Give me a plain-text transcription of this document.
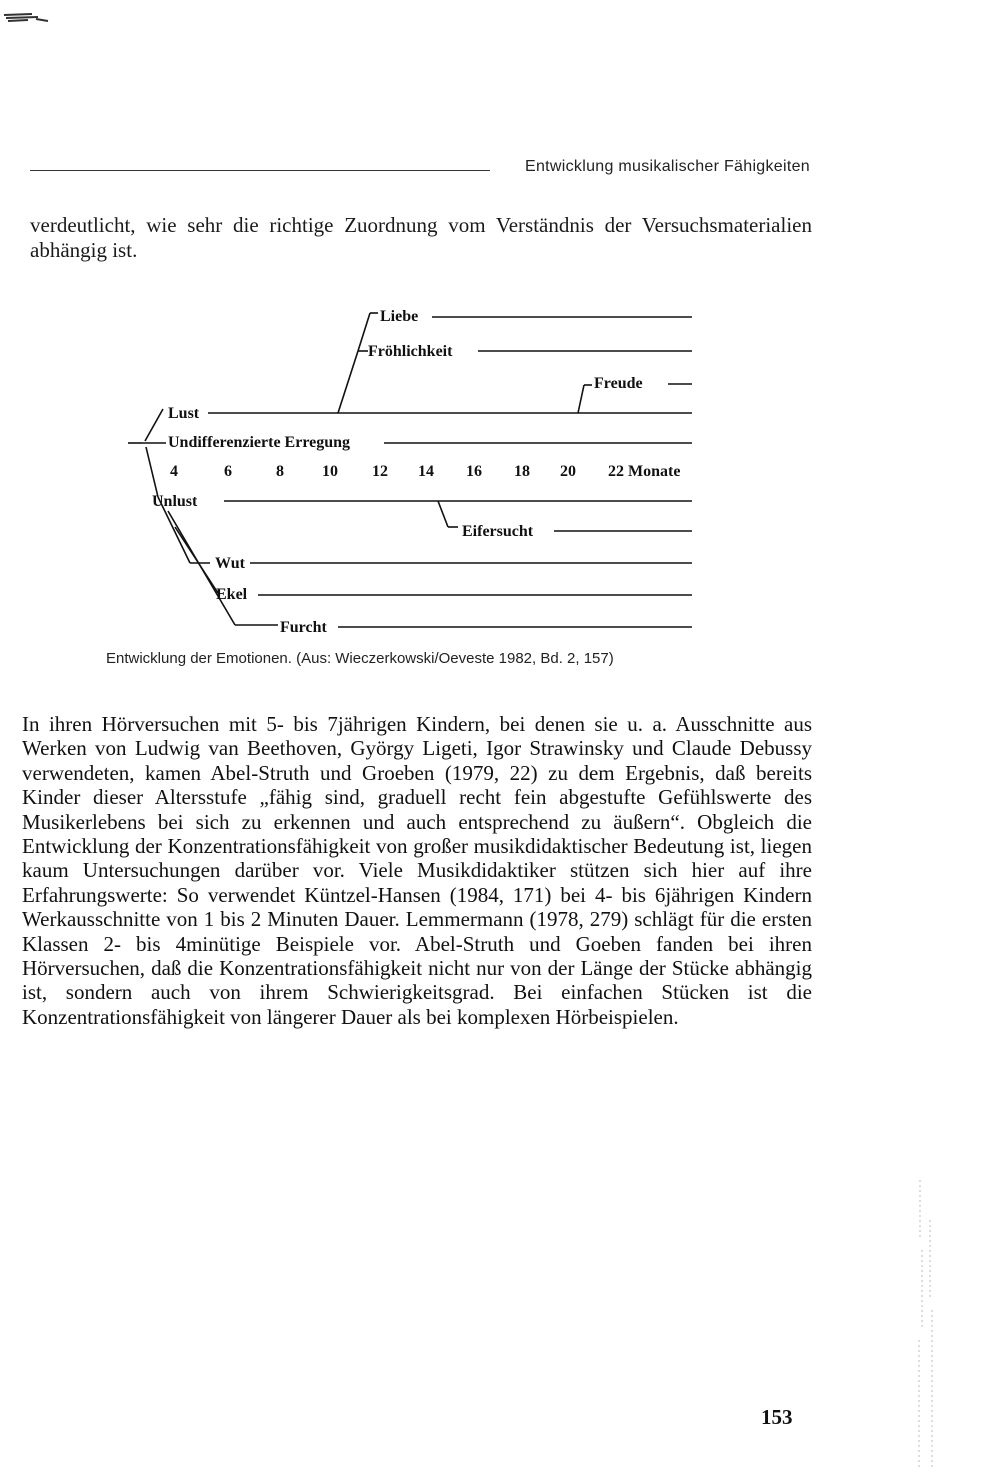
Entwicklung musikalischer Fähigkeiten
verdeutlicht, wie sehr die richtige Zuordnung vom Verständnis der Versuchsmaterialien abhängig ist.
Liebe
Fröhlichkeit
Freude
Lust
Undifferenzierte Erregung
Unlust
Eifersucht
Wut
Ekel
Furcht
4	6	8 10 12 14 16 18 20 22 Monate
Entwicklung der Emotionen. (Aus: Wieczerkowski/Oeveste 1982, Bd. 2, 157)
In ihren Hörversuchen mit 5- bis 7jährigen Kindern, bei denen sie u. a. Ausschnitte aus Werken von Ludwig van Beethoven, György Ligeti, Igor Strawinsky und Claude Debussy verwendeten, kamen Abel-Struth und Groeben (1979, 22) zu dem Ergebnis, daß bereits Kinder dieser Altersstufe „fähig sind, graduell recht fein abgestufte Gefühlswerte des Musikerlebens bei sich zu erkennen und auch entsprechend zu äußern“. Obgleich die Entwicklung der Konzentrationsfähigkeit von großer musikdidaktischer Bedeutung ist, liegen kaum Untersuchungen darüber vor. Viele Musikdidaktiker stützen sich hier auf ihre Erfahrungswerte: So verwendet Küntzel-Hansen (1984, 171) bei 4- bis 6jährigen Kindern Werkausschnitte von 1 bis 2 Minuten Dauer. Lemmermann (1978, 279) schlägt für die ersten Klassen 2- bis 4minütige Beispiele vor. Abel-Struth und Goeben fanden bei ihren Hörversuchen, daß die Konzentrationsfähigkeit nicht nur von der Länge der Stücke abhängig ist, sondern auch von ihrem Schwierigkeitsgrad. Bei einfachen Stücken ist die Konzentrationsfähigkeit von längerer Dauer als bei komplexen Hörbeispielen.
153
